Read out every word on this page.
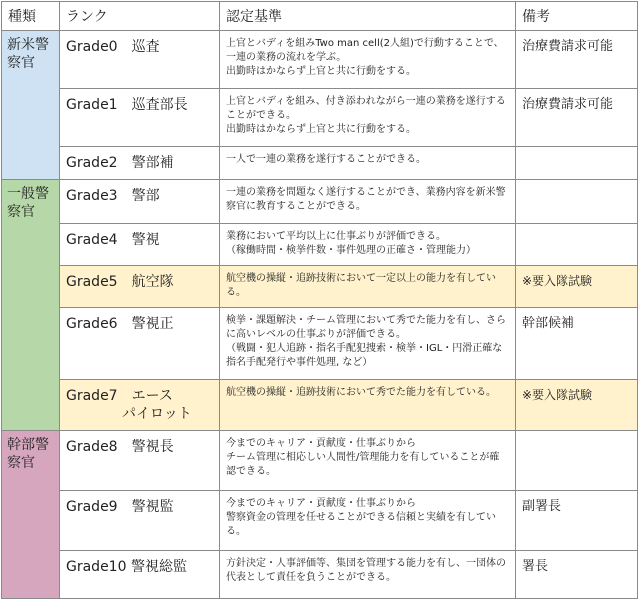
種類	ランク	認定基準	備考
新米警察官	Grade0　巡査	上官とバディを組みTwo man cell(2人組)で行動することで、一連の業務の流れを学ぶ。
出勤時はかならず上官と共に行動をする。	治療費請求可能
	Grade1　巡査部長	上官とバディを組み、付き添われながら一連の業務を遂行することができる。
出勤時はかならず上官と共に行動をする。	治療費請求可能
	Grade2　警部補	一人で一連の業務を遂行することができる。	
一般警察官	Grade3　警部	一連の業務を問題なく遂行することができ、業務内容を新米警察官に教育することができる。	
	Grade4　警視	業務において平均以上に仕事ぶりが評価できる。
（稼働時間・検挙件数・事件処理の正確さ・管理能力）	
	Grade5　航空隊	航空機の操縦・追跡技術において一定以上の能力を有している。	※要入隊試験
	Grade6　警視正	検挙・課題解決・チーム管理において秀でた能力を有し、さらに高いレベルの仕事ぶりが評価できる。
（戦闘・犯人追跡・指名手配犯捜索・検挙・IGL・円滑正確な指名手配発行や事件処理, など）	幹部候補
	Grade7　エース
　　　　パイロット	航空機の操縦・追跡技術において秀でた能力を有している。	※要入隊試験
幹部警察官	Grade8　警視長	今までのキャリア・貢献度・仕事ぶりから
チーム管理に相応しい人間性/管理能力を有していることが確認できる。	
	Grade9　警視監	今までのキャリア・貢献度・仕事ぶりから
警察資金の管理を任せることができる信頼と実績を有している。	副署長
	Grade10 警視総監	方針決定・人事評価等、集団を管理する能力を有し、一団体の代表として責任を負うことができる。	署長
